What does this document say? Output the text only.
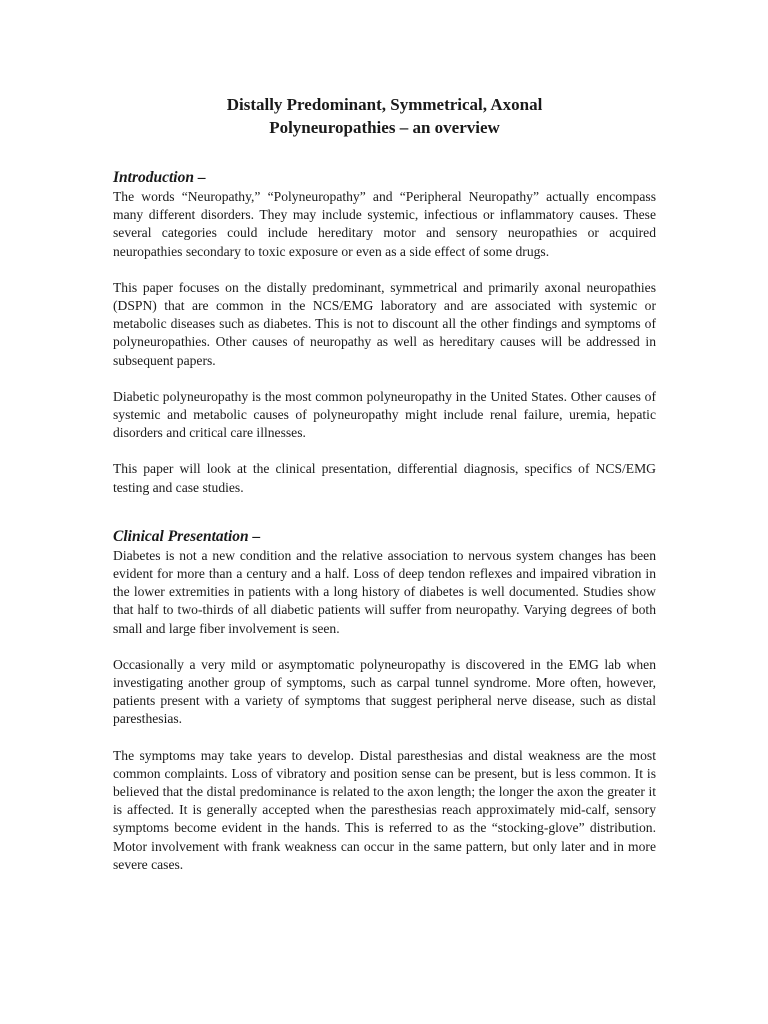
Distally Predominant, Symmetrical, Axonal
Polyneuropathies – an overview
Introduction –

The words “Neuropathy,” “Polyneuropathy” and “Peripheral Neuropathy” actually encompass many different disorders. They may include systemic, infectious or inflammatory causes. These several categories could include hereditary motor and sensory neuropathies or acquired neuropathies secondary to toxic exposure or even as a side effect of some drugs.

This paper focuses on the distally predominant, symmetrical and primarily axonal neuropathies (DSPN) that are common in the NCS/EMG laboratory and are associated with systemic or metabolic diseases such as diabetes. This is not to discount all the other findings and symptoms of polyneuropathies. Other causes of neuropathy as well as hereditary causes will be addressed in subsequent papers.

Diabetic polyneuropathy is the most common polyneuropathy in the United States. Other causes of systemic and metabolic causes of polyneuropathy might include renal failure, uremia, hepatic disorders and critical care illnesses.

This paper will look at the clinical presentation, differential diagnosis, specifics of NCS/EMG testing and case studies.

Clinical Presentation –

Diabetes is not a new condition and the relative association to nervous system changes has been evident for more than a century and a half. Loss of deep tendon reflexes and impaired vibration in the lower extremities in patients with a long history of diabetes is well documented. Studies show that half to two-thirds of all diabetic patients will suffer from neuropathy. Varying degrees of both small and large fiber involvement is seen.

Occasionally a very mild or asymptomatic polyneuropathy is discovered in the EMG lab when investigating another group of symptoms, such as carpal tunnel syndrome. More often, however, patients present with a variety of symptoms that suggest peripheral nerve disease, such as distal paresthesias.

The symptoms may take years to develop. Distal paresthesias and distal weakness are the most common complaints. Loss of vibratory and position sense can be present, but is less common. It is believed that the distal predominance is related to the axon length; the longer the axon the greater it is affected. It is generally accepted when the paresthesias reach approximately mid-calf, sensory symptoms become evident in the hands. This is referred to as the “stocking-glove” distribution. Motor involvement with frank weakness can occur in the same pattern, but only later and in more severe cases.
